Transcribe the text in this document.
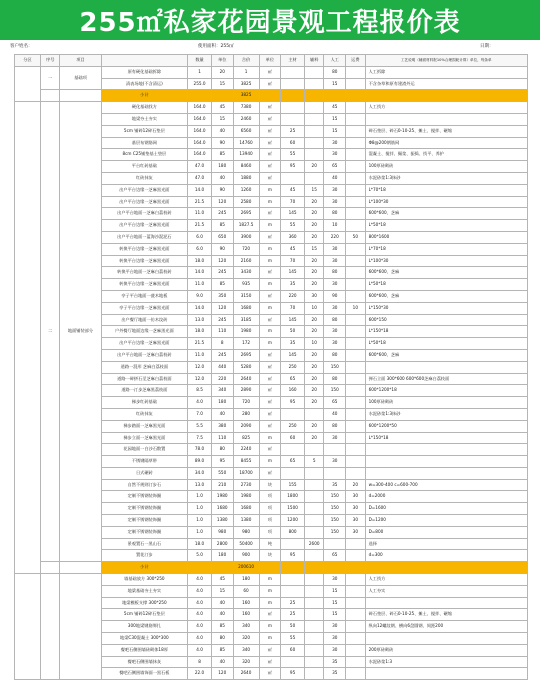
255㎡私家花园景观工程报价表
客户姓名：	使用面积：255㎡	日期：
分区	序号	项目		数量	单位	合价	单位	主材	辅料	人工	运费	工艺说明（辅面材料报10%合理损耗计算）单位，每条单
	一	基础项	原有硬化基础拆除	1	20	1	㎡			80		人工拆除
			清表场地(不含清运)	255.0	15	3825	㎡			15		不含杂草和原有建渣外运
			小计			3825						
	二	地面铺装部分	硬化基础找方	164.0	45	7380	㎡			45		人工找方
			地梁夯土夯实	164.0	15	2460	㎡			15		
			5cm 铺碎12碎石垫层	164.0	40	6560	㎡	25		15		碎石垫层、碎石0-10-25、摊土、搅拌、碾缩
			基层布钢筋网	164.0	90	14760	㎡	60		30		Φ8@200钢筋网
			8cm C25铺垫基土垫层	164.0	85	13940	㎡	55		30		混凝土、搅拌、撮浆、振捣、找平、养护
			平台红砖基础	47.0	180	8460	㎡	95	20	65		100厚砖砌砖
			红砖抹灰	47.0	40	1880	㎡			40		水泥砂浆1:3抹砂
			出户平台边缘一芝麻黑光面	14.0	90	1260	m	45	15	30		L*70*18
			出户平台边缘一芝麻黑光面	21.5	120	2580	m	70	20	30		L*100*30
			出户平台地面一芝麻白荔枝砖	11.0	245	2695	㎡	145	20	80		600*600、芝麻
			出户平台边缘一芝麻黑光面	21.5	85	1827.5	m	55	20	10		L*50*18
			出户平台地面一蓝海沙混泥石	6.0	650	3900	㎡	360	20	220	50	800*1600
			转换平台边缘一芝麻黑光面	6.0	90	720	m	45	15	30		L*70*18
			转换平台边缘一芝麻黑光面	18.0	120	2160	m	70	20	30		L*100*30
			转换平台地面一芝麻白荔枝砖	14.0	245	3430	㎡	145	20	80		600*600、芝麻
			转换平台边缘一芝麻黑光面	11.0	85	935	m	35	20	30		L*50*18
			亭子平台地面一菠木地板	9.0	350	3150	㎡	220	30	90		600*600、芝麻
			亭子平台边缘一芝麻黑光面	14.0	120	1680	m	70	10	30	10	L*150*30
			出户餐厅地面一仿木纹砖	13.0	245	3185	㎡	145	20	80		600*150
			户外餐厅地面边缘一芝麻黑光面	18.0	110	1980	m	50	20	30		L*150*18
			出户平台边缘一芝麻黑光面	21.5	8	172	m	35	10	30		L*50*18
			出户平台地面一芝麻白荔枝砖	11.0	245	2695	㎡	145	20	80		600*600、芝麻
			道路一混形 芝麻白荔枝面	12.0	440	5280	㎡	250	20	150		
			道路一碎拼石至芝麻白荔枝面	12.0	220	2640	㎡	65	20	80		弹石立面 300*600 600*600芝麻白荔枝面
			道路一汀步芝麻黑荔枝面	8.5	340	2890	㎡	160	20	150		600*1200*18
			梯步红砖基础	4.0	180	720	㎡	95	20	65		100厚砖砌砖
			红砖抹灰	7.0	40	280	㎡			40		水泥砂浆1:3抹砂
			梯步踏面一芝麻黑光面	5.5	380	2090	㎡	250	20	80		600*1200*50
			梯步立面一芝麻黑光面	7.5	110	825	m	60	20	30		L*150*18
			花园地面一白沙石散置	78.0	80	2240	㎡					
			不锈钢隔草带	89.0	95	8455	m	65	5	30		
			日式碾砖	34.0	550	18700	㎡					
			自然不规则汀步石	13.0	210	2730	块	155		35	20	w=300-400 c=600-700
			定制不锈钢装饰圈	1.0	1980	1980	项	1800		150	30	d=2000
			定制不锈钢装饰圈	1.0	1680	1680	项	1500		150	30	D=1600
			定制不锈钢装饰圈	1.0	1380	1380	项	1200		150	30	D=1200
			定制不锈钢装饰圈	1.0	980	980	项	800		150	30	D=800
			景观置石一黑山石	18.0	2800	50400	吨		2600			选择
			置花汀步	5.0	180	900	块	95		65		d=300
			小计			200610						
			墙基础放方 300*250	4.0	45	180	m			30		人工找方
			地梁基础夯土夯实	4.0	15	60	m			15		人工夯实
			地梁模板支撑 300*250	4.0	40	160	m	25		15		
			5cm 铺碎12碎石垫层	4.0	40	160	㎡	25		15		碎石垫层、碎石0-10-25、摊土、搅拌、碾缩
			300地梁钢筋绑扎	4.0	85	340	m	50		30		纵向12螺纹钢、横向6盘圆钢、间距200
			地梁C30混凝土 300*300	4.0	80	320	m	55		30		
			餐吧石侧围墙砖砌体18厚	4.0	85	340	㎡	60		30		200厚砖砌砖
			餐吧石侧围墙抹灰	8	40	320	㎡			35		水泥砂浆1:3
			餐吧石侧围墙饰面一黑石板	22.0	120	2640	㎡	95		35		
